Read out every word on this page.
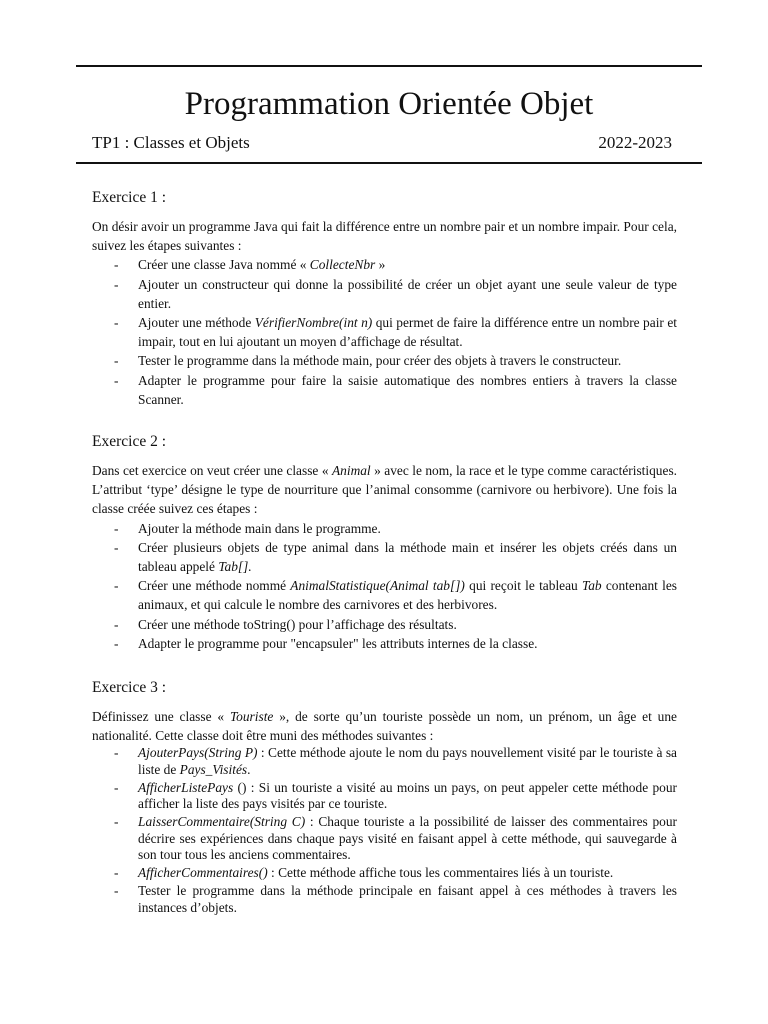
Programmation Orientée Objet
TP1 : Classes et Objets	2022-2023
Exercice 1 :

On désir avoir un programme Java qui fait la différence entre un nombre pair et un nombre impair. Pour cela, suivez les étapes suivantes :

- Créer une classe Java nommé « CollecteNbr »
- Ajouter un constructeur qui donne la possibilité de créer un objet ayant une seule valeur de type entier.
- Ajouter une méthode VérifierNombre(int n) qui permet de faire la différence entre un nombre pair et impair, tout en lui ajoutant un moyen d’affichage de résultat.
- Tester le programme dans la méthode main, pour créer des objets à travers le constructeur.
- Adapter le programme pour faire la saisie automatique des nombres entiers à travers la classe Scanner.
Exercice 2 :

Dans cet exercice on veut créer une classe « Animal » avec le nom, la race et le type comme caractéristiques. L’attribut ‘type’ désigne le type de nourriture que l’animal consomme (carnivore ou herbivore). Une fois la classe créée suivez ces étapes :

- Ajouter la méthode main dans le programme.
- Créer plusieurs objets de type animal dans la méthode main et insérer les objets créés dans un tableau appelé Tab[].
- Créer une méthode nommé AnimalStatistique(Animal tab[]) qui reçoit le tableau Tab contenant les animaux, et qui calcule le nombre des carnivores et des herbivores.
- Créer une méthode toString() pour l’affichage des résultats.
- Adapter le programme pour "encapsuler" les attributs internes de la classe.
Exercice 3 :

Définissez une classe « Touriste », de sorte qu’un touriste possède un nom, un prénom, un âge et une nationalité. Cette classe doit être muni des méthodes suivantes :

- AjouterPays(String P) : Cette méthode ajoute le nom du pays nouvellement visité par le touriste à sa liste de Pays_Visités.
- AfficherListePays () : Si un touriste a visité au moins un pays, on peut appeler cette méthode pour afficher la liste des pays visités par ce touriste.
- LaisserCommentaire(String C) : Chaque touriste a la possibilité de laisser des commentaires pour décrire ses expériences dans chaque pays visité en faisant appel à cette méthode, qui sauvegarde à son tour tous les anciens commentaires.
- AfficherCommentaires() : Cette méthode affiche tous les commentaires liés à un touriste.
- Tester le programme dans la méthode principale en faisant appel à ces méthodes à travers les instances d’objets.
